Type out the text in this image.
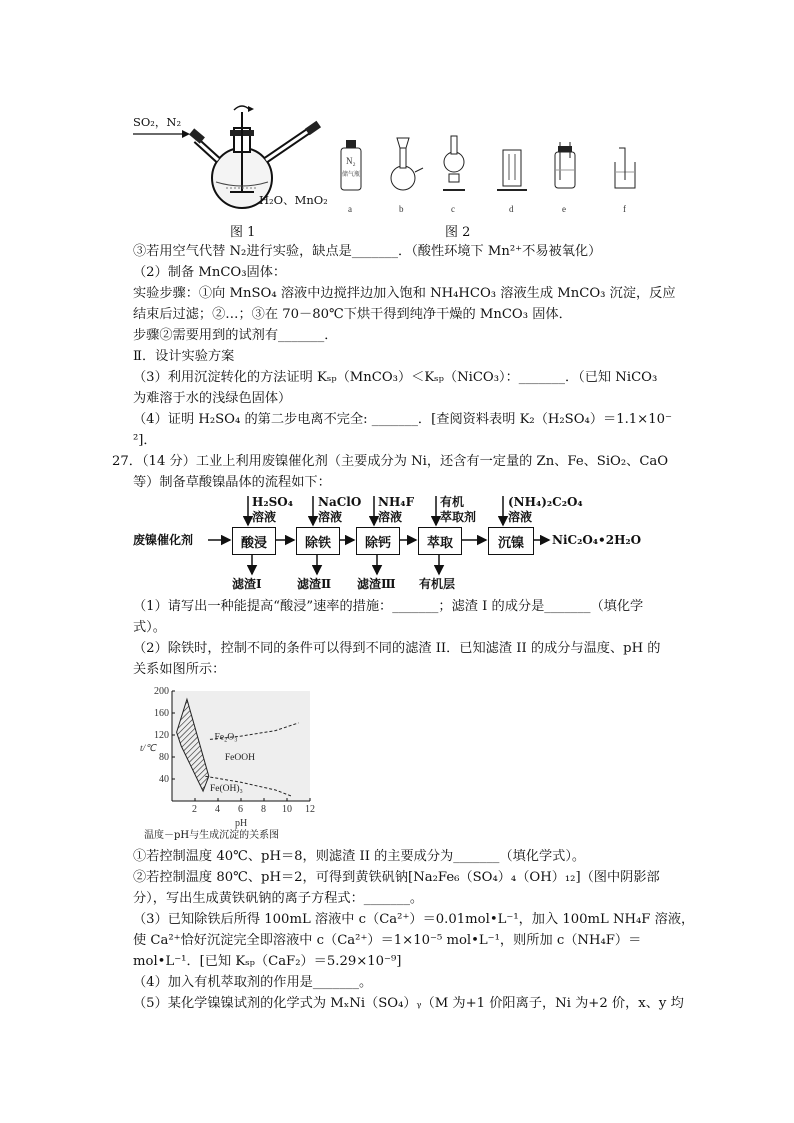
SO₂，N₂
H₂O、MnO₂
图 1
N₂
储气瓶
a	b	c	d	e	f
图 2
③若用空气代替 N₂进行实验，缺点是_______．（酸性环境下 Mn²⁺不易被氧化）
（2）制备 MnCO₃固体：
实验步骤：①向 MnSO₄ 溶液中边搅拌边加入饱和 NH₄HCO₃ 溶液生成 MnCO₃ 沉淀，反应
结束后过滤；②…；③在 70－80℃下烘干得到纯净干燥的 MnCO₃ 固体．
步骤②需要用到的试剂有_______．
Ⅱ．设计实验方案
（3）利用沉淀转化的方法证明 Kₛₚ（MnCO₃）＜Kₛₚ（NiCO₃）：_______．（已知 NiCO₃
为难溶于水的浅绿色固体）
（4）证明 H₂SO₄ 的第二步电离不完全: _______．[查阅资料表明 K₂（H₂SO₄）＝1.1×10⁻
²]．
27．（14 分）工业上利用废镍催化剂（主要成分为 Ni，还含有一定量的 Zn、Fe、SiO₂、CaO
等）制备草酸镍晶体的流程如下：
废镍催化剂	酸浸	除铁	除钙	萃取	沉镍	NiC₂O₄•2H₂O
H₂SO₄
溶液
NaClO
溶液
NH₄F
溶液
有机
萃取剂
(NH₄)₂C₂O₄
溶液
滤渣Ⅰ	滤渣Ⅱ 滤渣Ⅲ 有机层
（1）请写出一种能提高“酸浸”速率的措施：_______；滤渣 I 的成分是_______（填化学
式）。
（2）除铁时，控制不同的条件可以得到不同的滤渣 II．已知滤渣 II 的成分与温度、pH 的
关系如图所示：
2 4 6 8 10 12
200
160
120
80
40
Fe₂O₃
FeOOH
Fe(OH)₃
t/℃
pH
温度－pH与生成沉淀的关系图
①若控制温度 40℃、pH＝8，则滤渣 II 的主要成分为_______（填化学式）。
②若控制温度 80℃、pH＝2，可得到黄铁矾钠[Na₂Fe₆（SO₄）₄（OH）₁₂]（图中阴影部
分），写出生成黄铁矾钠的离子方程式：_______。
（3）已知除铁后所得 100mL 溶液中 c（Ca²⁺）＝0.01mol•L⁻¹，加入 100mL NH₄F 溶液，
使 Ca²⁺恰好沉淀完全即溶液中 c（Ca²⁺）＝1×10⁻⁵ mol•L⁻¹，则所加 c（NH₄F）＝
mol•L⁻¹．[已知 Kₛₚ（CaF₂）＝5.29×10⁻⁹]
（4）加入有机萃取剂的作用是_______。
（5）某化学镍镍试剂的化学式为 MₓNi（SO₄）ᵧ（M 为+1 价阳离子，Ni 为+2 价，x、y 均
